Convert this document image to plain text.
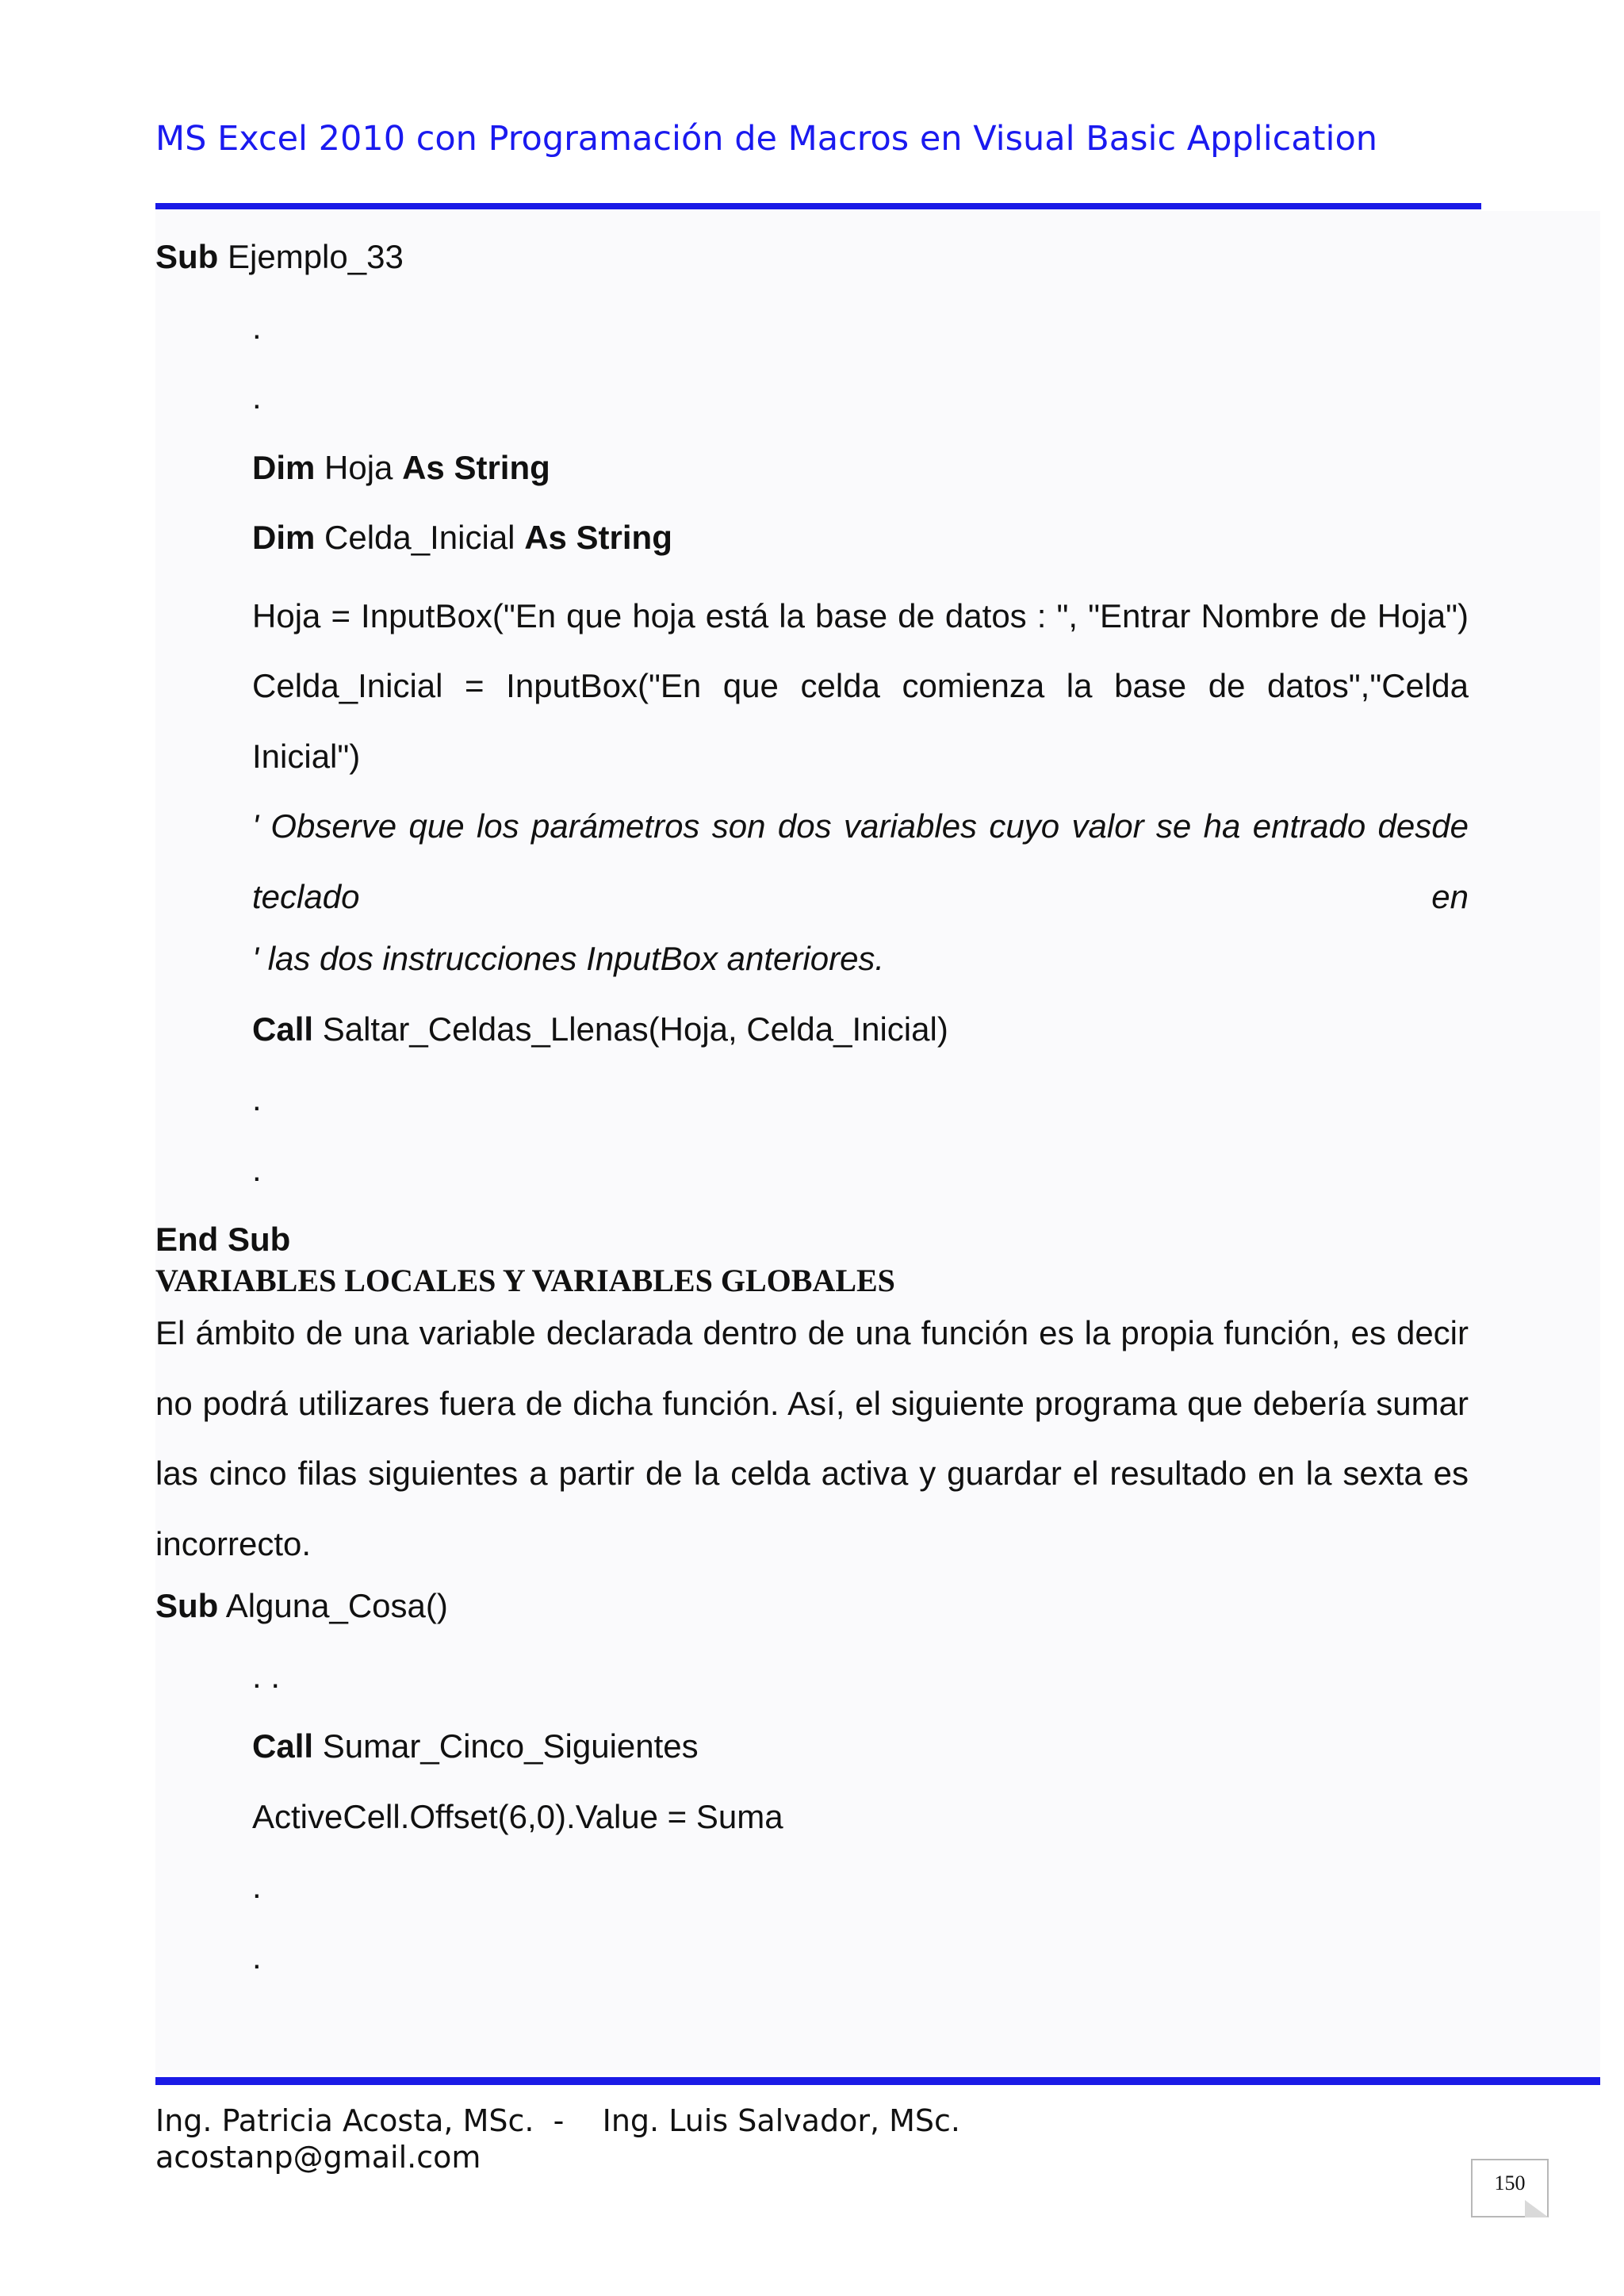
MS Excel 2010 con Programación de Macros en Visual Basic Application
Sub Ejemplo_33
.
.
Dim Hoja As String
Dim Celda_Inicial As String
Hoja = InputBox("En que hoja está la base de datos : ", "Entrar Nombre de Hoja")
Celda_Inicial = InputBox("En que celda comienza la base de datos","Celda Inicial")
' Observe que los parámetros son dos variables cuyo valor se ha entrado desde teclado en
' las dos instrucciones InputBox anteriores.
Call Saltar_Celdas_Llenas(Hoja, Celda_Inicial)
.
.
End Sub
VARIABLES LOCALES Y VARIABLES GLOBALES
El ámbito de una variable declarada dentro de una función es la propia función, es decir no podrá utilizares fuera de dicha función. Así, el siguiente programa que debería sumar las cinco filas siguientes a partir de la celda activa y guardar el resultado en la sexta es incorrecto.
Sub Alguna_Cosa()
. .
Call Sumar_Cinco_Siguientes
ActiveCell.Offset(6,0).Value = Suma
.
.
Ing. Patricia Acosta, MSc.  -    Ing. Luis Salvador, MSc.
acostanp@gmail.com
150
